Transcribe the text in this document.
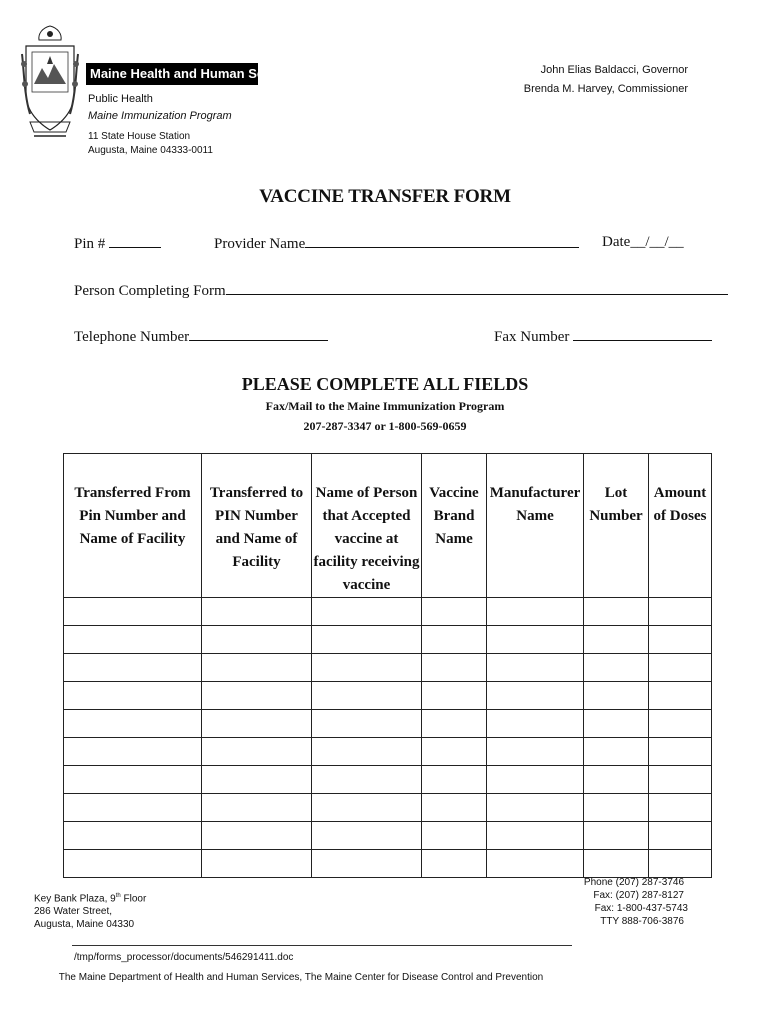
Maine Health and Human Services
Public Health
Maine Immunization Program
11 State House Station
Augusta, Maine 04333-0011
John Elias Baldacci, Governor
Brenda M. Harvey, Commissioner
VACCINE TRANSFER FORM
Pin #	Provider Name	Date__/__/__
Person Completing Form
Telephone Number	Fax Number
PLEASE COMPLETE ALL FIELDS
Fax/Mail to the Maine Immunization Program
207-287-3347 or 1-800-569-0659
Transferred From Pin Number and Name of Facility	Transferred to PIN Number and Name of Facility	Name of Person that Accepted vaccine at facility receiving vaccine	Vaccine Brand Name	Manufacturer Name	Lot Number	Amount of Doses

Key Bank Plaza, 9th Floor
286 Water Street,
Augusta, Maine 04330
Phone (207) 287-3746
Fax: (207) 287-8127
Fax: 1-800-437-5743
TTY 888-706-3876
/tmp/forms_processor/documents/546291411.doc
The Maine Department of Health and Human Services, The Maine Center for Disease Control and Prevention
